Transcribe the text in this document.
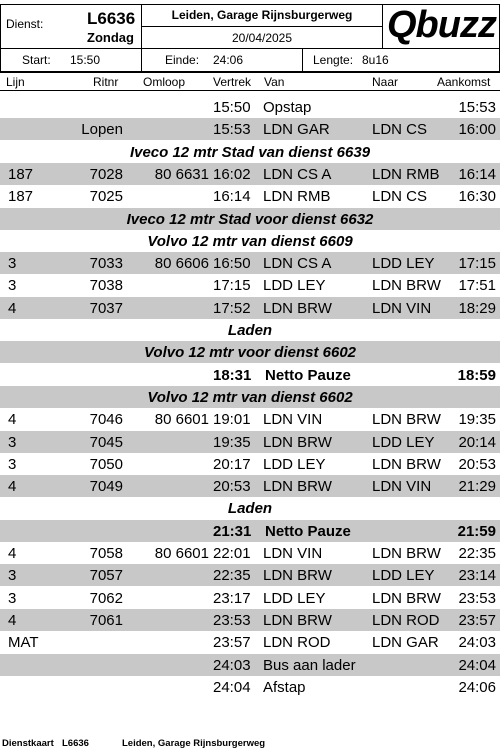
Dienst:	L6636
Zondag
Leiden, Garage Rijnsburgerweg
20/04/2025	Qbuzz
Start: 15:50	Einde: 24:06	Lengte: 8u16
Lijn	Ritnr Omloop Vertrek Van	Naar	Aankomst
15:50 Opstap	15:53
Lopen	15:53 LDN GAR	LDN CS	16:00
Iveco 12 mtr Stad van dienst 6639
187	7028	80 6631 16:02 LDN CS A	LDN RMB	16:14
187	7025	16:14 LDN RMB	LDN CS	16:30
Iveco 12 mtr Stad voor dienst 6632
Volvo 12 mtr van dienst 6609
3	7033	80 6606 16:50 LDN CS A	LDD LEY	17:15
3	7038	17:15 LDD LEY	LDN BRW	17:51
4	7037	17:52 LDN BRW	LDN VIN	18:29
Laden
Volvo 12 mtr voor dienst 6602
18:31 Netto Pauze	18:59
Volvo 12 mtr van dienst 6602
4	7046	80 6601 19:01 LDN VIN	LDN BRW	19:35
3	7045	19:35 LDN BRW	LDD LEY	20:14
3	7050	20:17 LDD LEY	LDN BRW	20:53
4	7049	20:53 LDN BRW	LDN VIN	21:29
Laden
21:31 Netto Pauze	21:59
4	7058	80 6601 22:01 LDN VIN	LDN BRW	22:35
3	7057	22:35 LDN BRW	LDD LEY	23:14
3	7062	23:17 LDD LEY	LDN BRW	23:53
4	7061	23:53 LDN BRW	LDN ROD	23:57
MAT	23:57 LDN ROD	LDN GAR	24:03
24:03 Bus aan lader	24:04
24:04 Afstap	24:06
Dienstkaart L6636	Leiden, Garage Rijnsburgerweg
